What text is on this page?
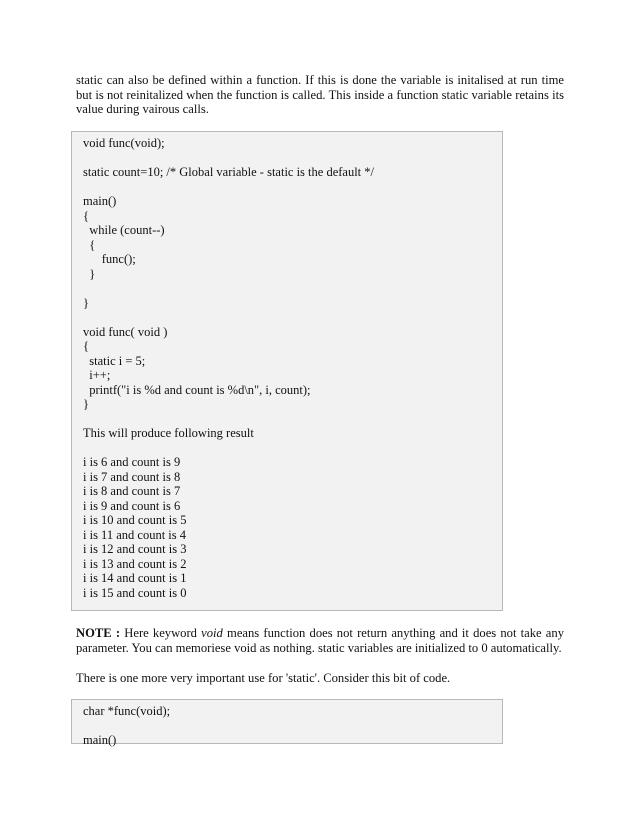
static can also be defined within a function. If this is done the variable is initalised at run time but is not reinitalized when the function is called. This inside a function static variable retains its value during vairous calls.

void func(void);

static count=10; /* Global variable - static is the default */

main()
{
while (count--)
{
func();
}

}

void func( void )
{
static i = 5;
i++;
printf("i is %d and count is %d\n", i, count);
}

This will produce following result

i is 6 and count is 9
i is 7 and count is 8
i is 8 and count is 7
i is 9 and count is 6
i is 10 and count is 5
i is 11 and count is 4
i is 12 and count is 3
i is 13 and count is 2
i is 14 and count is 1
i is 15 and count is 0

NOTE : Here keyword void means function does not return anything and it does not take any parameter. You can memoriese void as nothing. static variables are initialized to 0 automatically.

There is one more very important use for 'static'. Consider this bit of code.

char *func(void);

main()
